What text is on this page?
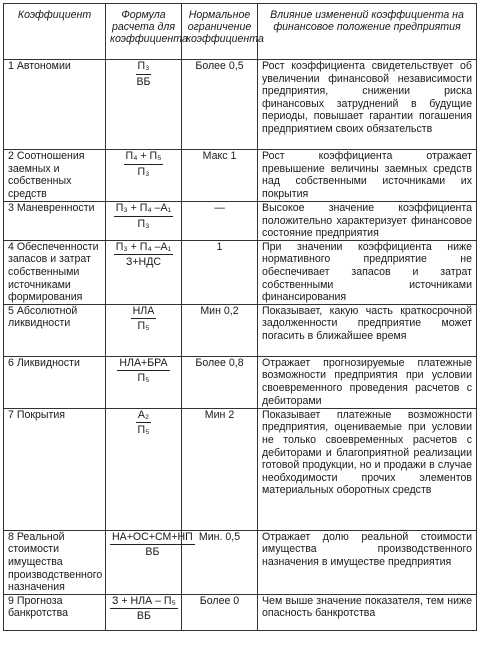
Коэффициент	Формула расчета для коэффициента	Нормальное ограничение коэффициента	Влияние изменений коэффициента на финансовое положение предприятия
1 Автономии	$\frac{\text{П₃}}{ВБ}$	Более 0,5	Рост коэффициента свидетельствует об увеличении финансовой независимости предприятия, снижении риска финансовых затруднений в будущие периоды, повышает гарантии погашения предприятием своих обязательств
2 Соотношения заемных и собственных средств	$\frac{\text{П₄ + П₅}}{\text{П₃}}$	Макс 1	Рост коэффициента отражает превышение величины заемных средств над собственными источниками их покрытия
3 Маневренности	$\frac{\text{П₃ + П₄ –А₁}}{\text{П₃}}$	—	Высокое значение коэффициента положительно характеризует финансовое состояние предприятия
4 Обеспеченности запасов и затрат собственными источниками формирования	$\frac{\text{П₃ + П₄ –А₁}}{\text{З+НДС}}$	1	При значении коэффициента ниже нормативного предприятие не обеспечивает запасов и затрат собственными источниками финансирования
5 Абсолютной ликвидности	$\frac{\text{НЛА}}{\text{П₅}}$	Мин 0,2	Показывает, какую часть краткосрочной задолженности предприятие может погасить в ближайшее время
6 Ликвидности	$\frac{\text{НЛА+БРА}}{\text{П₅}}$	Более 0,8	Отражает прогнозируемые платежные возможности предприятия при условии своевременного проведения расчетов с дебиторами
7 Покрытия	$\frac{\text{А₂}}{\text{П₅}}$	Мин 2	Показывает платежные возможности предприятия, оцениваемые при условии не только своевременных расчетов с дебиторами и благоприятной реализации готовой продукции, но и продажи в случае необходимости прочих элементов материальных оборотных средств
8 Реальной стоимости имущества производственного назначения	$\frac{НА+ОС+СМ+НП}{ВБ}$	Мин. 0,5	Отражает долю реальной стоимости имущества производственного назначения в имуществе предприятия
9 Прогноза банкротства	$\frac{\text{З + НЛА – П₅}}{ВБ}$	Более 0	Чем выше значение показателя, тем ниже опасность банкротства
